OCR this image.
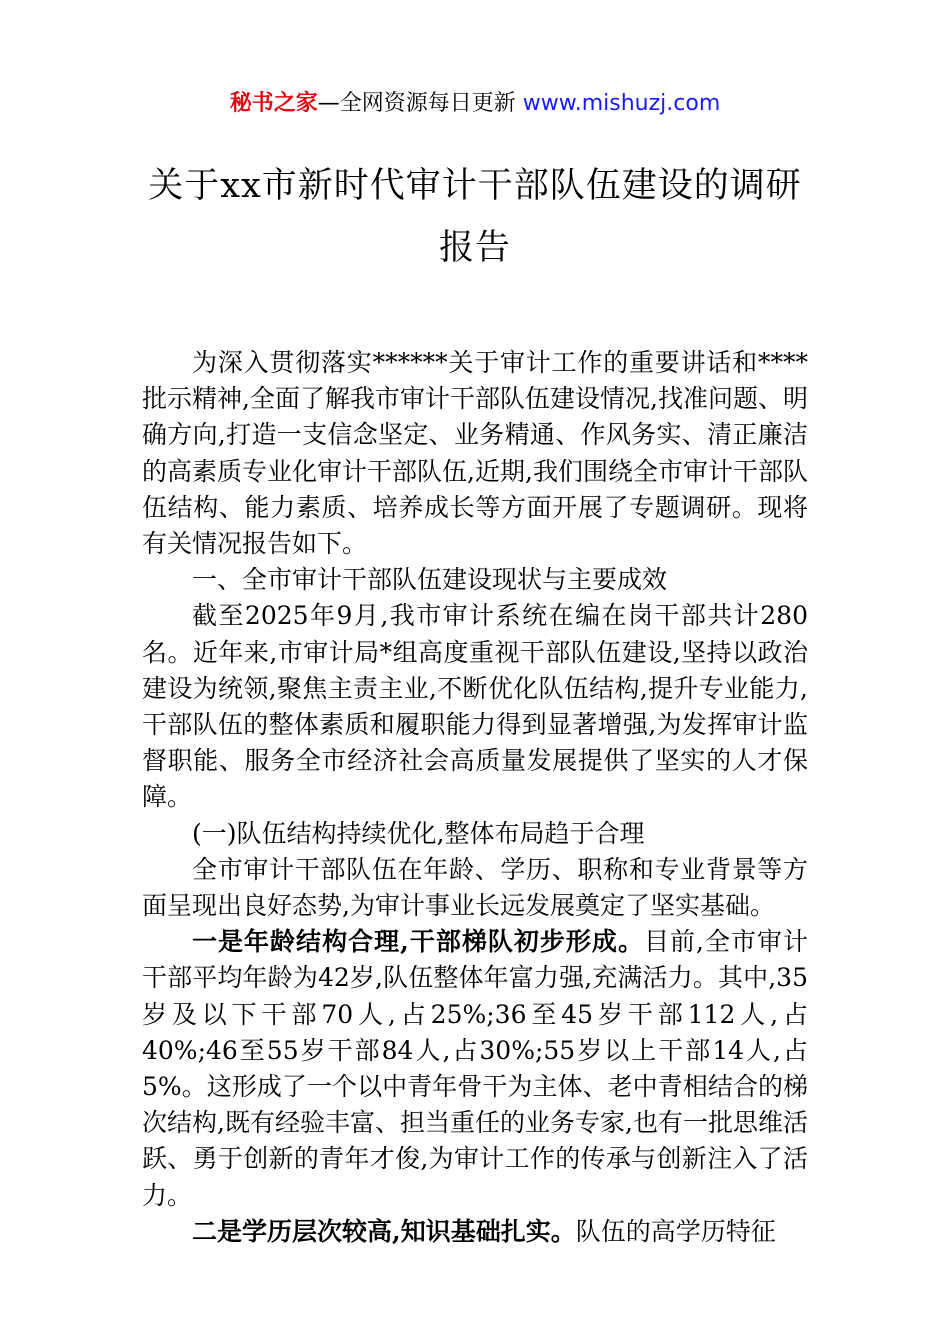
秘书之家—全网资源每日更新 www.mishuzj.com
关于xx市新时代审计干部队伍建设的调研
报告

为深入贯彻落实******关于审计工作的重要讲话和****批示精神,全面了解我市审计干部队伍建设情况,找准问题、明确方向,打造一支信念坚定、业务精通、作风务实、清正廉洁的高素质专业化审计干部队伍,近期,我们围绕全市审计干部队伍结构、能力素质、培养成长等方面开展了专题调研。现将有关情况报告如下。

一、全市审计干部队伍建设现状与主要成效

截至2025年9月,我市审计系统在编在岗干部共计280名。近年来,市审计局*组高度重视干部队伍建设,坚持以政治建设为统领,聚焦主责主业,不断优化队伍结构,提升专业能力,干部队伍的整体素质和履职能力得到显著增强,为发挥审计监督职能、服务全市经济社会高质量发展提供了坚实的人才保障。

(一)队伍结构持续优化,整体布局趋于合理

全市审计干部队伍在年龄、学历、职称和专业背景等方面呈现出良好态势,为审计事业长远发展奠定了坚实基础。

一是年龄结构合理,干部梯队初步形成。目前,全市审计干部平均年龄为42岁,队伍整体年富力强,充满活力。其中,35岁及以下干部70人,占25%;36至45岁干部112人,占40%;46至55岁干部84人,占30%;55岁以上干部14人,占5%。这形成了一个以中青年骨干为主体、老中青相结合的梯次结构,既有经验丰富、担当重任的业务专家,也有一批思维活跃、勇于创新的青年才俊,为审计工作的传承与创新注入了活力。

二是学历层次较高,知识基础扎实。队伍的高学历特征
